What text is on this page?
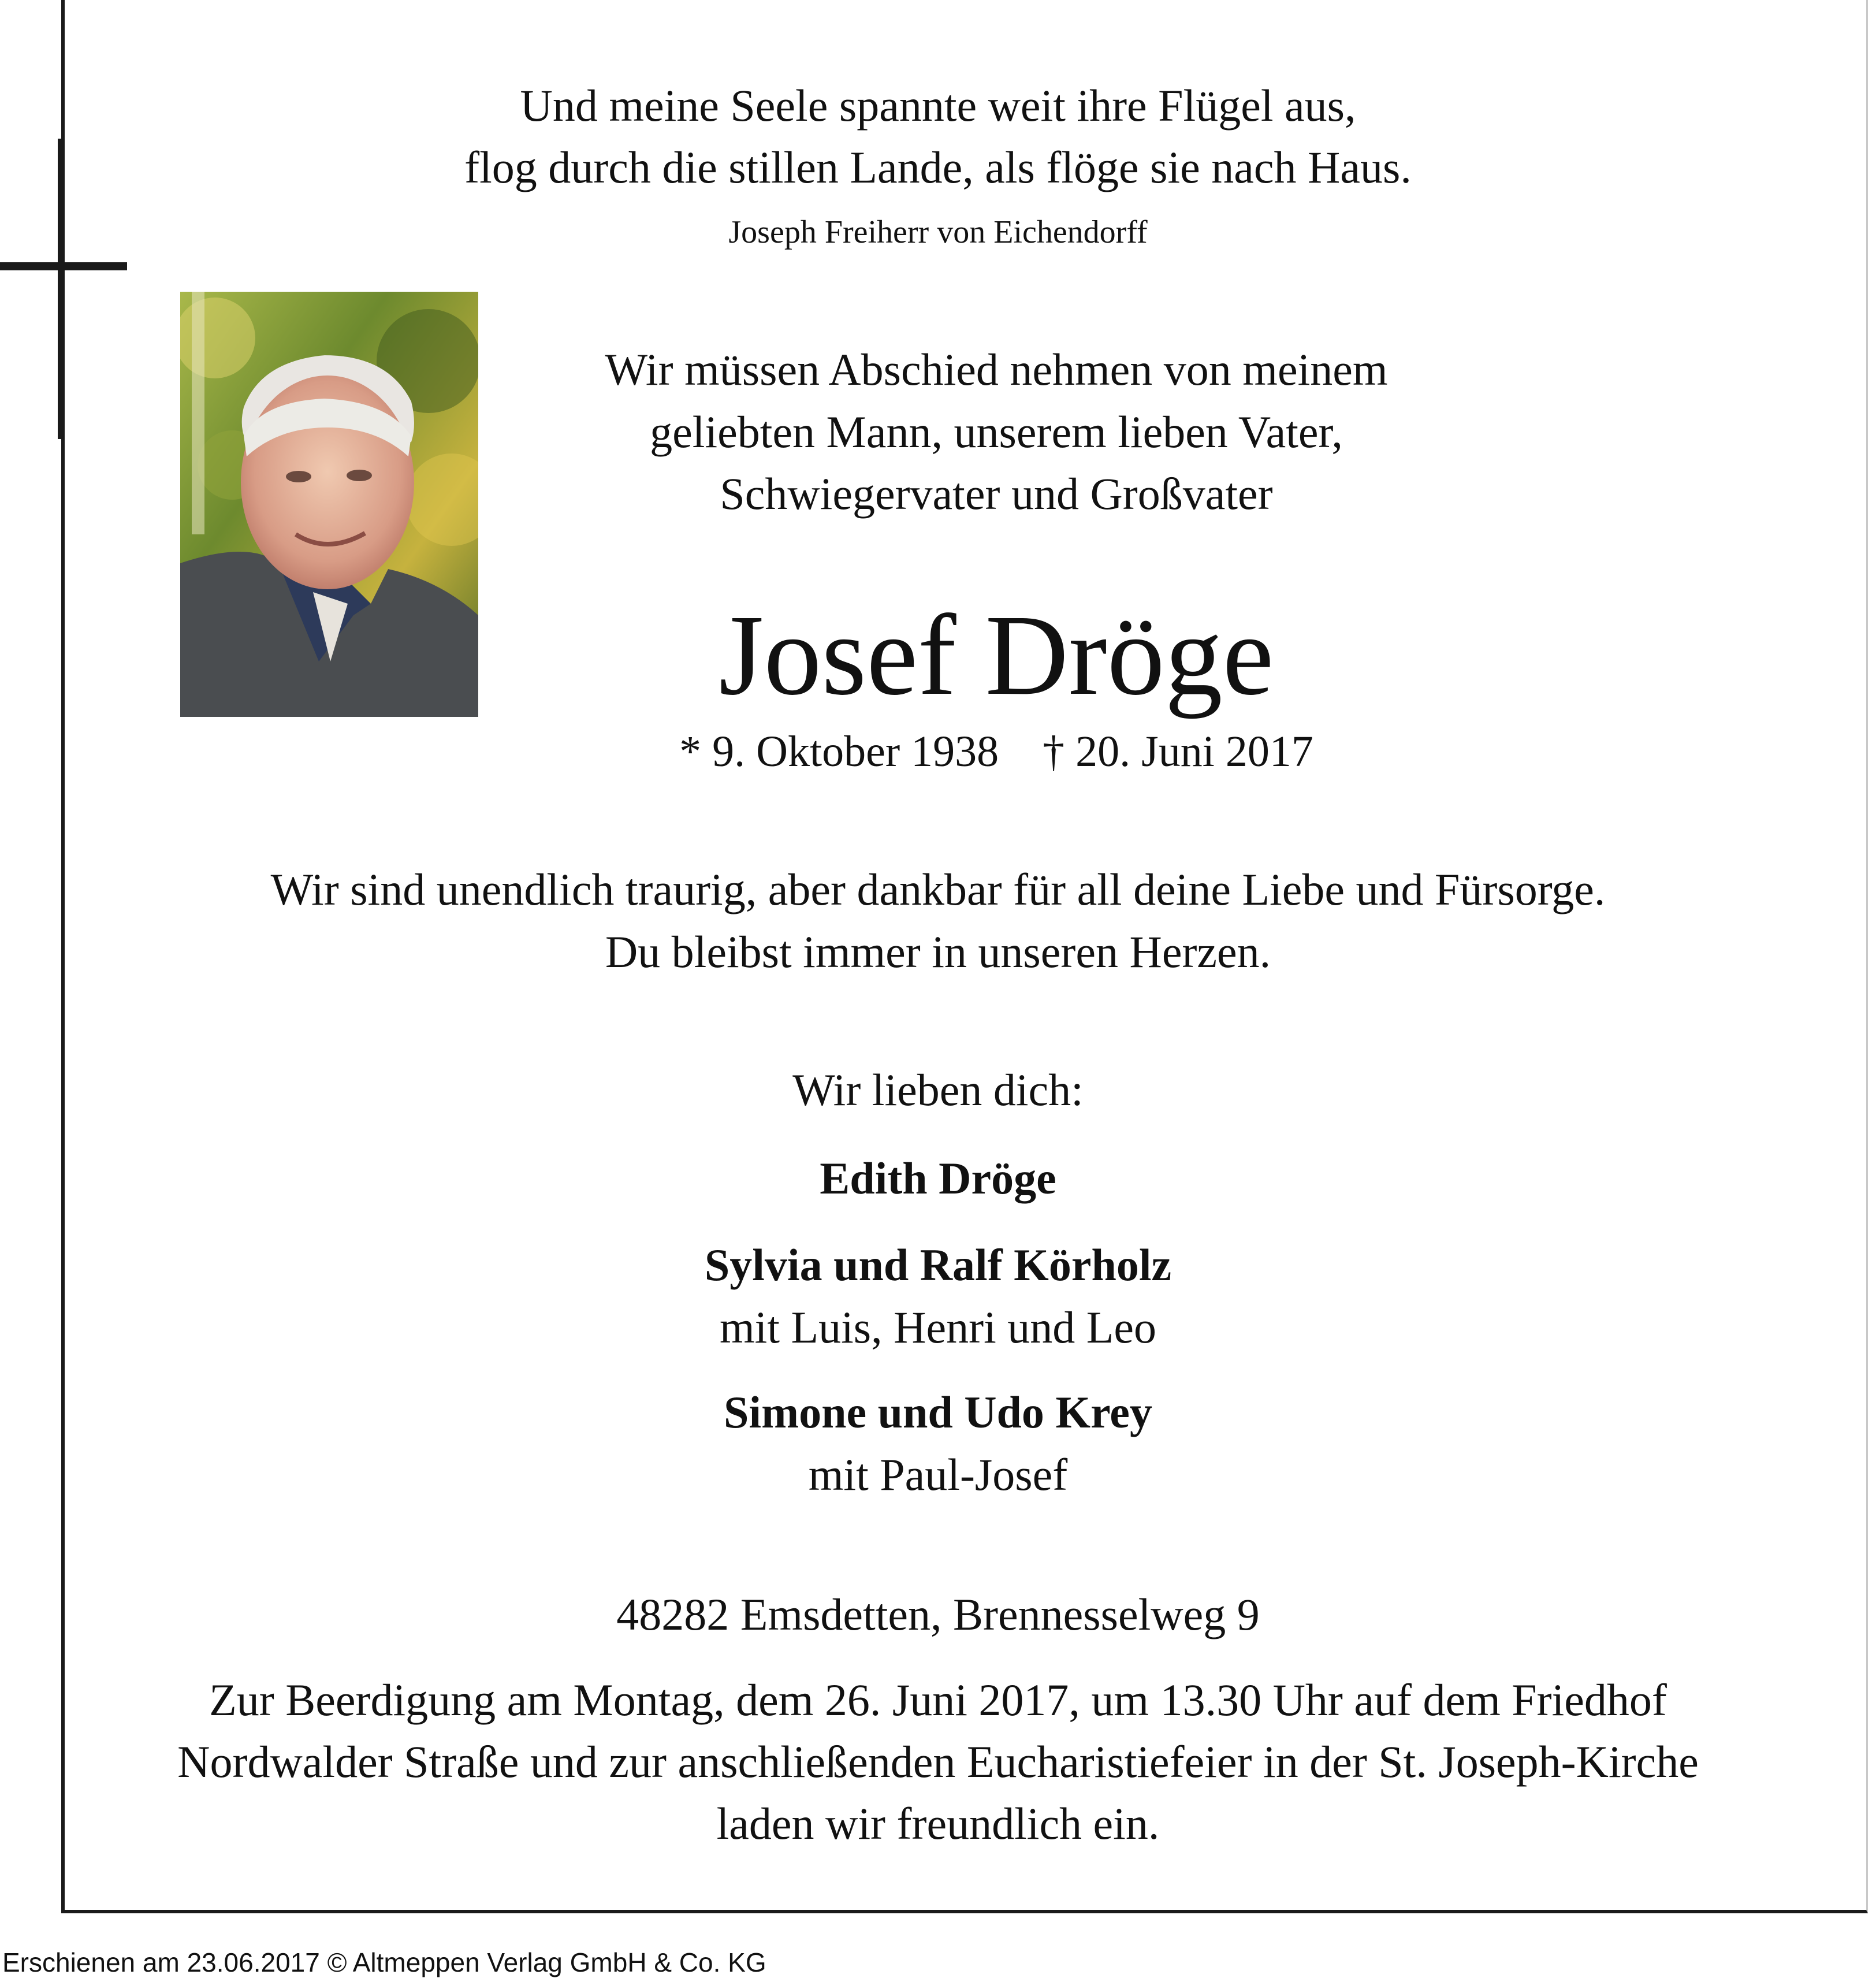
Und meine Seele spannte weit ihre Flügel aus,
flog durch die stillen Lande, als flöge sie nach Haus.
Joseph Freiherr von Eichendorff
Wir müssen Abschied nehmen von meinem
geliebten Mann, unserem lieben Vater,
Schwiegervater und Großvater
Josef Dröge
* 9. Oktober 1938    † 20. Juni 2017
Wir sind unendlich traurig, aber dankbar für all deine Liebe und Fürsorge.
Du bleibst immer in unseren Herzen.
Wir lieben dich:
Edith Dröge
Sylvia und Ralf Körholz
mit Luis, Henri und Leo
Simone und Udo Krey
mit Paul-Josef
48282 Emsdetten, Brennesselweg 9
Zur Beerdigung am Montag, dem 26. Juni 2017, um 13.30 Uhr auf dem Friedhof
Nordwalder Straße und zur anschließenden Eucharistiefeier in der St. Joseph-Kirche
laden wir freundlich ein.
Erschienen am 23.06.2017 © Altmeppen Verlag GmbH & Co. KG
